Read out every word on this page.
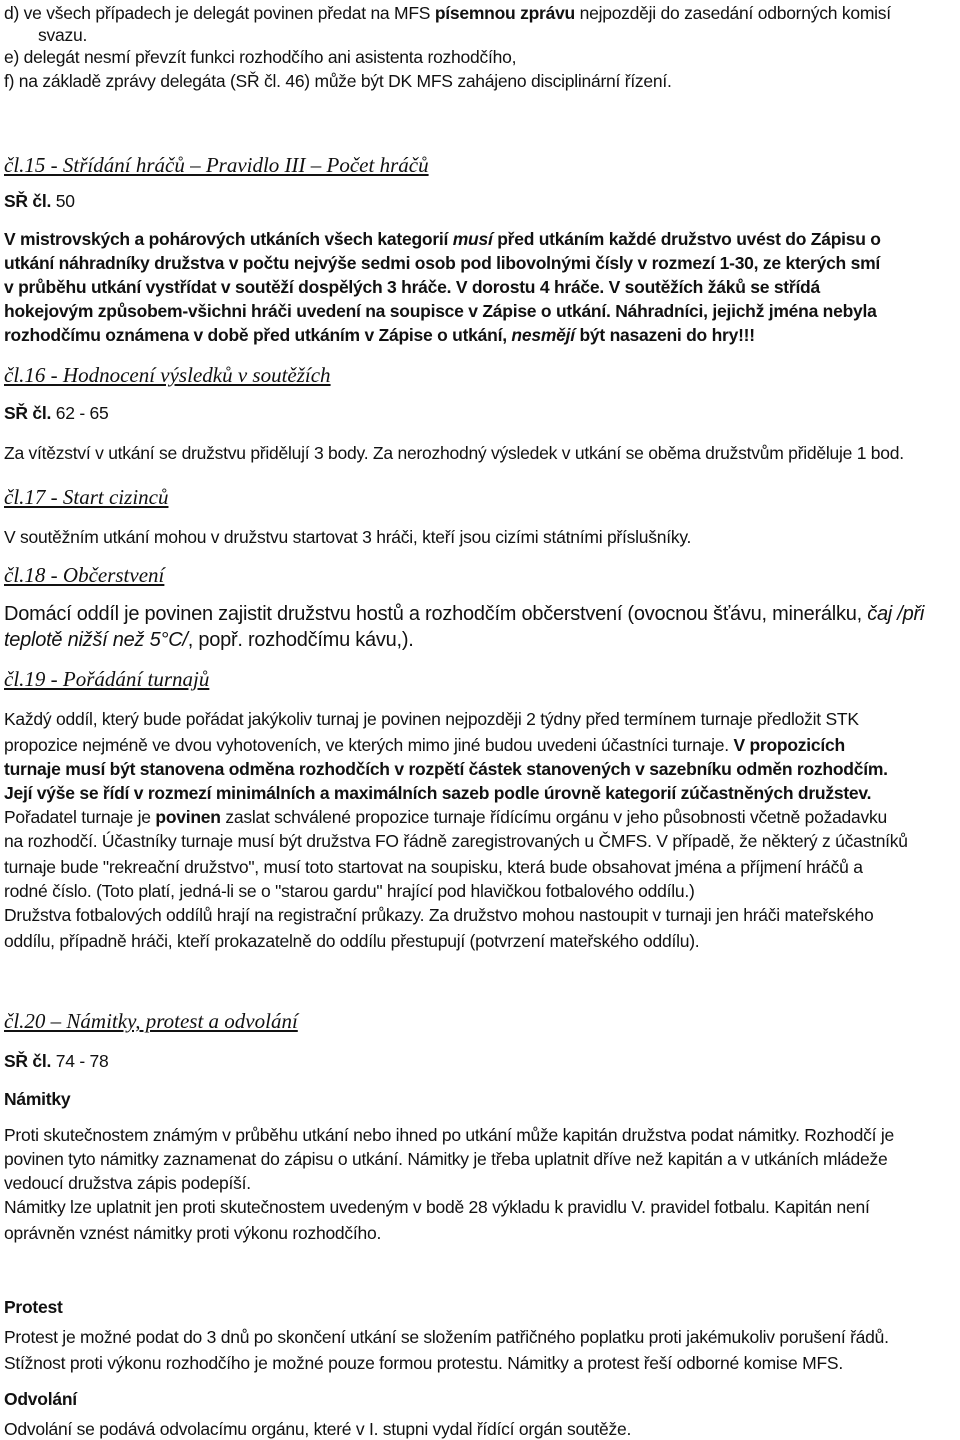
d) ve všech případech je delegát povinen předat na MFS písemnou zprávu nejpozději do zasedání odborných komisí
svazu.
e) delegát nesmí převzít funkci rozhodčího ani asistenta rozhodčího,
f) na základě zprávy delegáta (SŘ čl. 46) může být DK MFS zahájeno disciplinární řízení.
čl.15 - Střídání hráčů – Pravidlo III – Počet hráčů
SŘ čl. 50
V mistrovských a pohárových utkáních všech kategorií musí před utkáním každé družstvo uvést do Zápisu o
utkání náhradníky družstva v počtu nejvýše sedmi osob pod libovolnými čísly v rozmezí 1-30, ze kterých smí
v průběhu utkání vystřídat v soutěží dospělých 3 hráče. V dorostu 4 hráče. V soutěžích žáků se střídá
hokejovým způsobem-všichni hráči uvedení na soupisce v Zápise o utkání. Náhradníci, jejichž jména nebyla
rozhodčímu oznámena v době před utkáním v Zápise o utkání, nesmějí být nasazeni do hry!!!
čl.16 - Hodnocení výsledků v soutěžích
SŘ čl. 62 - 65
Za vítězství v utkání se družstvu přidělují 3 body. Za nerozhodný výsledek v utkání se oběma družstvům přiděluje 1 bod.
čl.17 - Start cizinců
V soutěžním utkání mohou v družstvu startovat 3 hráči, kteří jsou cizími státními příslušníky.
čl.18 - Občerstvení
Domácí oddíl je povinen zajistit družstvu hostů a rozhodčím občerstvení (ovocnou šťávu, minerálku, čaj /při
teplotě nižší než 5°C/, popř. rozhodčímu kávu,).
čl.19 - Pořádání turnajů
Každý oddíl, který bude pořádat jakýkoliv turnaj je povinen nejpozději 2 týdny před termínem turnaje předložit STK
propozice nejméně ve dvou vyhotoveních, ve kterých mimo jiné budou uvedeni účastníci turnaje. V propozicích
turnaje musí být stanovena odměna rozhodčích v rozpětí částek stanovených v sazebníku odměn rozhodčím.
Její výše se řídí v rozmezí minimálních a maximálních sazeb podle úrovně kategorií zúčastněných družstev.
Pořadatel turnaje je povinen zaslat schválené propozice turnaje řídícímu orgánu v jeho působnosti včetně požadavku
na rozhodčí. Účastníky turnaje musí být družstva FO řádně zaregistrovaných u ČMFS. V případě, že některý z účastníků
turnaje bude "rekreační družstvo", musí toto startovat na soupisku, která bude obsahovat jména a příjmení hráčů a
rodné číslo. (Toto platí, jedná-li se o "starou gardu" hrající pod hlavičkou fotbalového oddílu.)
Družstva fotbalových oddílů hrají na registrační průkazy. Za družstvo mohou nastoupit v turnaji jen hráči mateřského
oddílu, případně hráči, kteří prokazatelně do oddílu přestupují (potvrzení mateřského oddílu).
čl.20 – Námitky, protest a odvolání
SŘ čl. 74 - 78
Námitky
Proti skutečnostem známým v průběhu utkání nebo ihned po utkání může kapitán družstva podat námitky. Rozhodčí je
povinen tyto námitky zaznamenat do zápisu o utkání. Námitky je třeba uplatnit dříve než kapitán a v utkáních mládeže
vedoucí družstva zápis podepíší.
Námitky lze uplatnit jen proti skutečnostem uvedeným v bodě 28 výkladu k pravidlu V. pravidel fotbalu. Kapitán není
oprávněn vznést námitky proti výkonu rozhodčího.
Protest
Protest je možné podat do 3 dnů po skončení utkání se složením patřičného poplatku proti jakémukoliv porušení řádů.
Stížnost proti výkonu rozhodčího je možné pouze formou protestu. Námitky a protest řeší odborné komise MFS.
Odvolání
Odvolání se podává odvolacímu orgánu, které v I. stupni vydal řídící orgán soutěže.
